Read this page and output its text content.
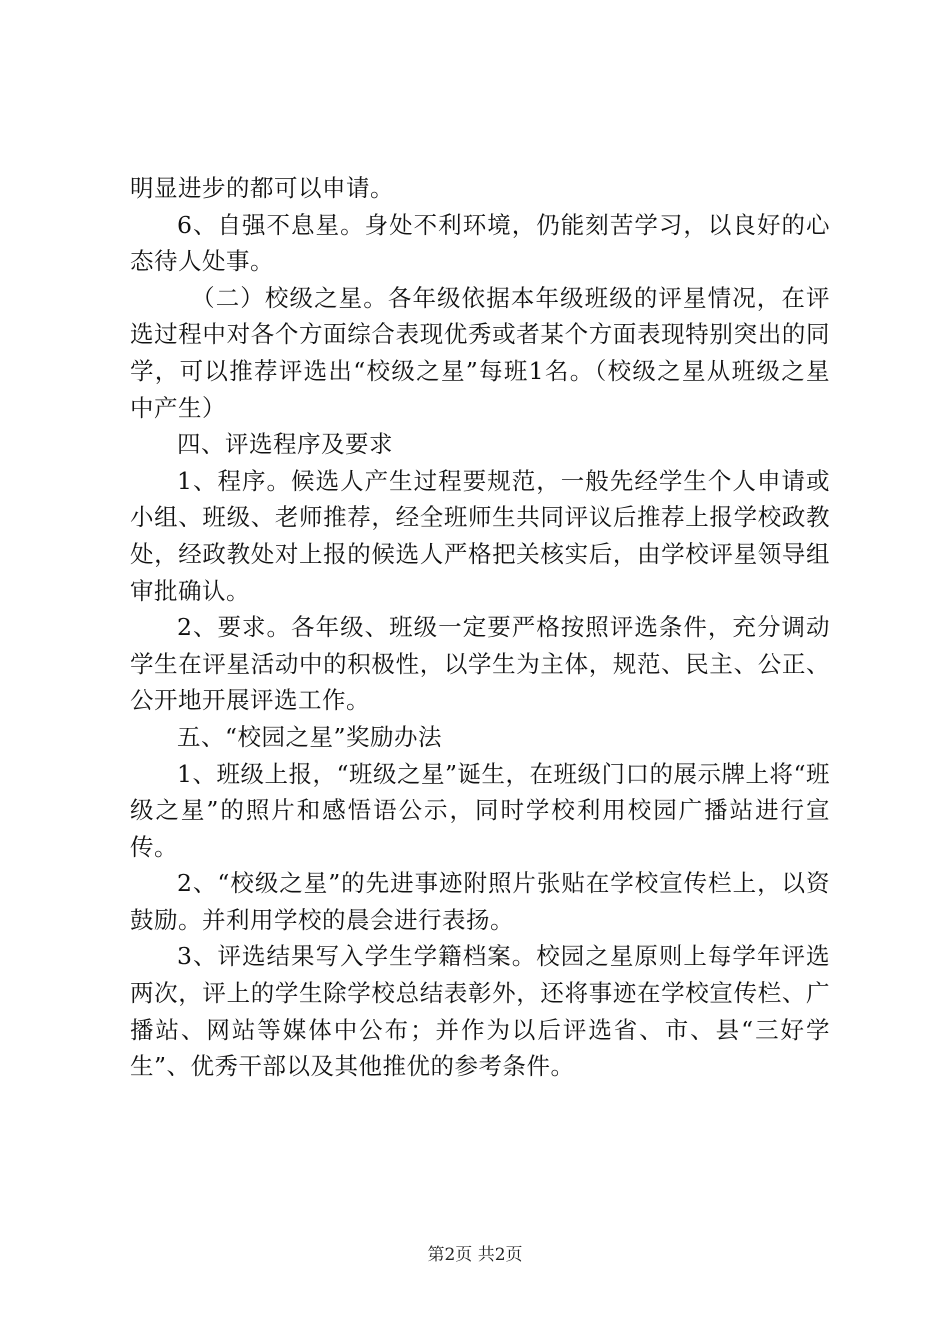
明显进步的都可以申请。

6、自强不息星。身处不利环境，仍能刻苦学习，以良好的心态待人处事。

（二）校级之星。各年级依据本年级班级的评星情况，在评选过程中对各个方面综合表现优秀或者某个方面表现特别突出的同学，可以推荐评选出“校级之星”每班1名。（校级之星从班级之星中产生）

四、评选程序及要求

1、程序。候选人产生过程要规范，一般先经学生个人申请或小组、班级、老师推荐，经全班师生共同评议后推荐上报学校政教处，经政教处对上报的候选人严格把关核实后，由学校评星领导组审批确认。

2、要求。各年级、班级一定要严格按照评选条件，充分调动学生在评星活动中的积极性，以学生为主体，规范、民主、公正、公开地开展评选工作。

五、“校园之星”奖励办法

1、班级上报，“班级之星”诞生，在班级门口的展示牌上将“班级之星”的照片和感悟语公示，同时学校利用校园广播站进行宣传。

2、“校级之星”的先进事迹附照片张贴在学校宣传栏上，以资鼓励。并利用学校的晨会进行表扬。

3、评选结果写入学生学籍档案。校园之星原则上每学年评选两次，评上的学生除学校总结表彰外，还将事迹在学校宣传栏、广播站、网站等媒体中公布；并作为以后评选省、市、县“三好学生”、优秀干部以及其他推优的参考条件。

第2页 共2页
